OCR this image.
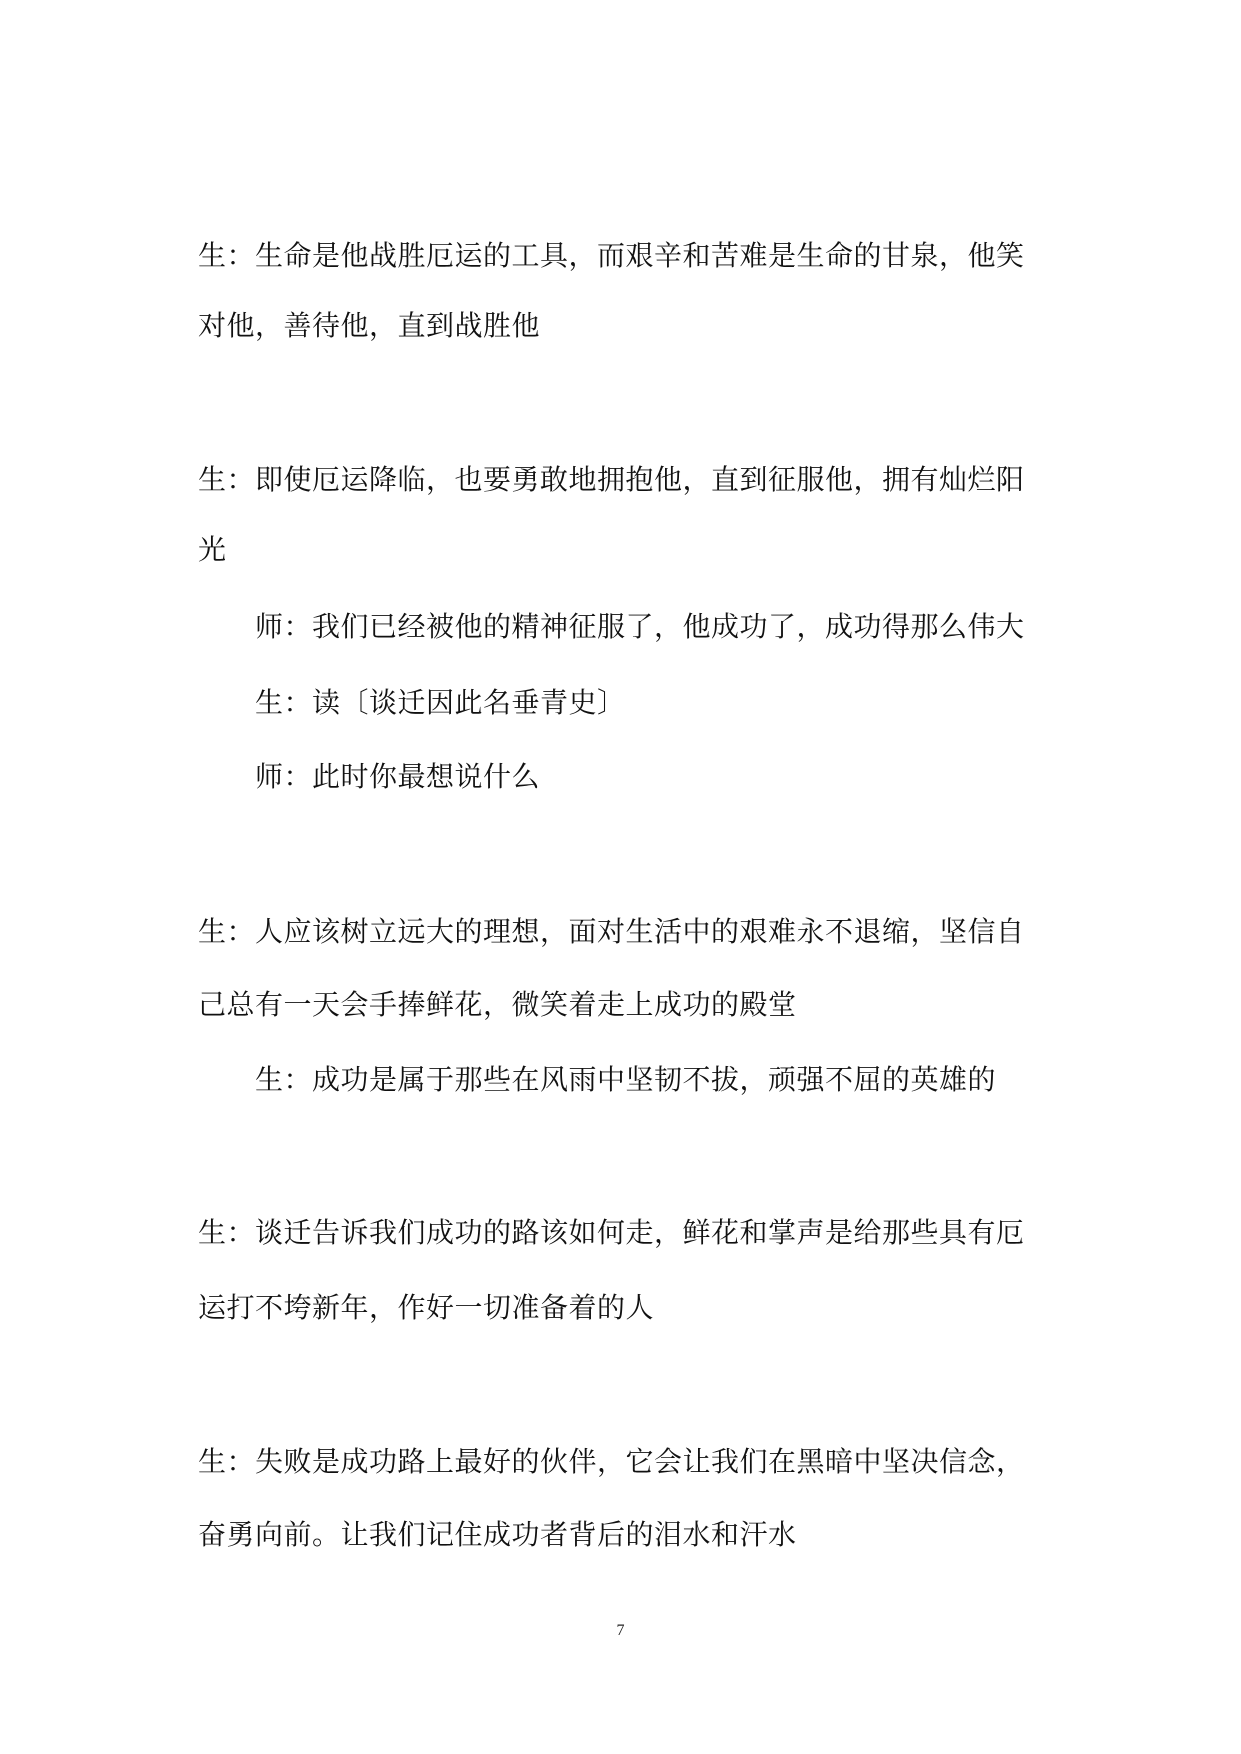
生：生命是他战胜厄运的工具，而艰辛和苦难是生命的甘泉，他笑
对他，善待他，直到战胜他
生：即使厄运降临，也要勇敢地拥抱他，直到征服他，拥有灿烂阳
光
师：我们已经被他的精神征服了，他成功了，成功得那么伟大
生：读〔谈迁因此名垂青史〕
师：此时你最想说什么
生：人应该树立远大的理想，面对生活中的艰难永不退缩，坚信自
己总有一天会手捧鲜花，微笑着走上成功的殿堂
生：成功是属于那些在风雨中坚韧不拔，顽强不屈的英雄的
生：谈迁告诉我们成功的路该如何走，鲜花和掌声是给那些具有厄
运打不垮新年，作好一切准备着的人
生：失败是成功路上最好的伙伴，它会让我们在黑暗中坚决信念，
奋勇向前。让我们记住成功者背后的泪水和汗水
7
